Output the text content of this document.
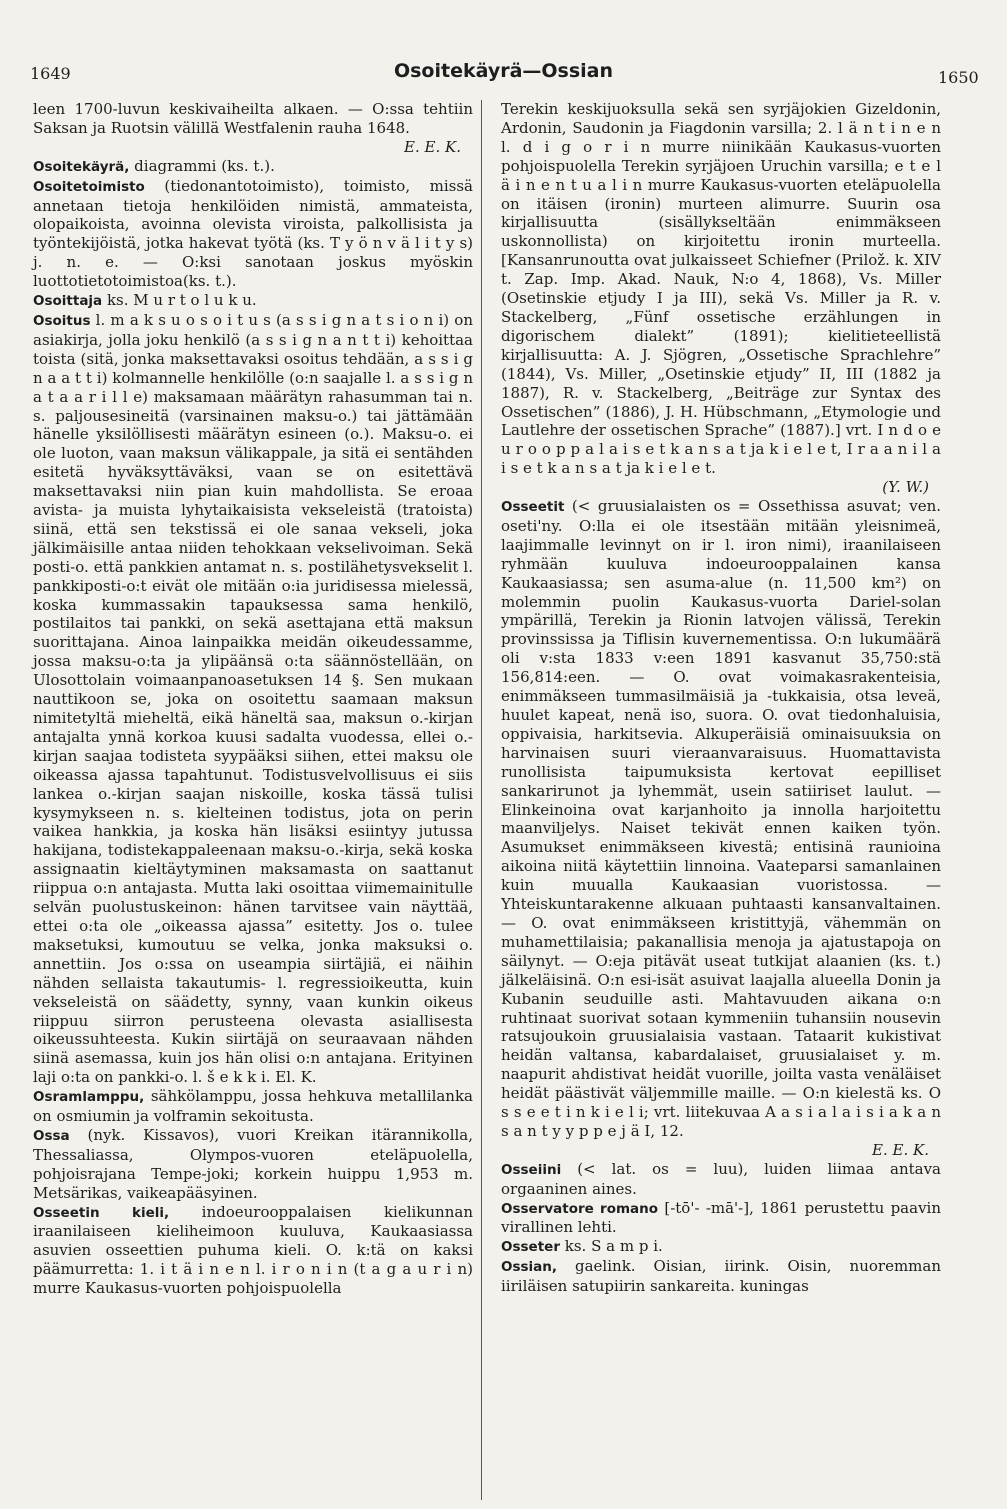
1649	Osoitekäyrä—Ossian	1650

leen 1700-luvun keskivaiheilta alkaen. — O:ssa tehtiin Saksan ja Ruotsin välillä Westfalenin rauha 1648.

E. E. K.

Osoitekäyrä, diagrammi (ks. t.).

Osoitetoimisto (tiedonantotoimisto), toimisto, missä annetaan tietoja henkilöiden nimistä, ammateista, olopaikoista, avoinna olevista viroista, palkollisista ja työntekijöistä, jotka hakevat työtä (ks. T y ö n v ä l i t y s) j. n. e. — O:ksi sanotaan joskus myöskin luottotietotoimistoa(ks. t.).

Osoittaja ks. M u r t o l u k u.

Osoitus l. m a k s u o s o i t u s (a s s i g n a t s i o n i) on asiakirja, jolla joku henkilö (a s s i g n a n t t i) kehoittaa toista (sitä, jonka maksettavaksi osoitus tehdään, a s s i g n a a t t i) kolmannelle henkilölle (o:n saajalle l. a s s i g n a t a a r i l l e) maksamaan määrätyn rahasumman tai n. s. paljousesineitä (varsinainen maksu-o.) tai jättämään hänelle yksilöllisesti määrätyn esineen (o.). Maksu-o. ei ole luoton, vaan maksun välikappale, ja sitä ei sentähden esitetä hyväksyttäväksi, vaan se on esitettävä maksettavaksi niin pian kuin mahdollista. Se eroaa avista- ja muista lyhytaikaisista vekseleistä (tratoista) siinä, että sen tekstissä ei ole sanaa vekseli, joka jälkimäisille antaa niiden tehokkaan vekselivoiman. Sekä posti-o. että pankkien antamat n. s. postilähetysvekselit l. pankkiposti-o:t eivät ole mitään o:ia juridisessa mielessä, koska kummassakin tapauksessa sama henkilö, postilaitos tai pankki, on sekä asettajana että maksun suorittajana. Ainoa lainpaikka meidän oikeudessamme, jossa maksu-o:ta ja ylipäänsä o:ta säännöstellään, on Ulosottolain voimaanpanoasetuksen 14 §. Sen mukaan nauttikoon se, joka on osoitettu saamaan maksun nimitetyltä mieheltä, eikä häneltä saa, maksun o.-kirjan antajalta ynnä korkoa kuusi sadalta vuodessa, ellei o.-kirjan saajaa todisteta syypääksi siihen, ettei maksu ole oikeassa ajassa tapahtunut. Todistusvelvollisuus ei siis lankea o.-kirjan saajan niskoille, koska tässä tulisi kysymykseen n. s. kielteinen todistus, jota on perin vaikea hankkia, ja koska hän lisäksi esiintyy jutussa hakijana, todistekappaleenaan maksu-o.-kirja, sekä koska assignaatin kieltäytyminen maksamasta on saattanut riippua o:n antajasta. Mutta laki osoittaa viimemainitulle selvän puolustuskeinon: hänen tarvitsee vain näyttää, ettei o:ta ole „oikeassa ajassa” esitetty. Jos o. tulee maksetuksi, kumoutuu se velka, jonka maksuksi o. annettiin. Jos o:ssa on useampia siirtäjiä, ei näihin nähden sellaista takautumis- l. regressioikeutta, kuin vekseleistä on säädetty, synny, vaan kunkin oikeus riippuu siirron perusteena olevasta asiallisesta oikeussuhteesta. Kukin siirtäjä on seuraavaan nähden siinä asemassa, kuin jos hän olisi o:n antajana. Erityinen laji o:ta on pankki-o. l. š e k k i. El. K.

Osramlamppu, sähkölamppu, jossa hehkuva metallilanka on osmiumin ja volframin sekoitusta.

Ossa (nyk. Kissavos), vuori Kreikan itärannikolla, Thessaliassa, Olympos-vuoren eteläpuolella, pohjoisrajana Tempe-joki; korkein huippu 1,953 m. Metsärikas, vaikeapääsyinen.

Osseetin kieli, indoeurooppalaisen kielikunnan iraanilaiseen kieliheimoon kuuluva, Kaukaasiassa asuvien osseettien puhuma kieli. O. k:tä on kaksi päämurretta: 1. i t ä i n e n l. i r o n i n (t a g a u r i n) murre Kaukasus-vuorten pohjoispuolella

Terekin keskijuoksulla sekä sen syrjäjokien Gizeldonin, Ardonin, Saudonin ja Fiagdonin varsilla; 2. l ä n t i n e n l. d i g o r i n murre niinikään Kaukasus-vuorten pohjoispuolella Terekin syrjäjoen Uruchin varsilla; e t e l ä i n e n t u a l i n murre Kaukasus-vuorten eteläpuolella on itäisen (ironin) murteen alimurre. Suurin osa kirjallisuutta (sisällykseltään enimmäkseen uskonnollista) on kirjoitettu ironin murteella. [Kansanrunoutta ovat julkaisseet Schiefner (Prilož. k. XIV t. Zap. Imp. Akad. Nauk, N:o 4, 1868), Vs. Miller (Osetinskie etjudy I ja III), sekä Vs. Miller ja R. v. Stackelberg, „Fünf ossetische erzählungen in digorischem dialekt” (1891); kielitieteellistä kirjallisuutta: A. J. Sjögren, „Ossetische Sprachlehre” (1844), Vs. Miller, „Osetinskie etjudy” II, III (1882 ja 1887), R. v. Stackelberg, „Beiträge zur Syntax des Ossetischen” (1886), J. H. Hübschmann, „Etymologie und Lautlehre der ossetischen Sprache” (1887).] vrt. I n d o e u r o o p p a l a i s e t k a n s a t ja k i e l e t, I r a a n i l a i s e t k a n s a t ja k i e l e t.

(Y. W.)

Osseetit (< gruusialaisten os = Ossethissa asuvat; ven. oseti'ny. O:lla ei ole itsestään mitään yleisnimeä, laajimmalle levinnyt on ir l. iron nimi), iraanilaiseen ryhmään kuuluva indoeurooppalainen kansa Kaukaasiassa; sen asuma-alue (n. 11,500 km²) on molemmin puolin Kaukasus-vuorta Dariel-solan ympärillä, Terekin ja Rionin latvojen välissä, Terekin provinssissa ja Tiflisin kuvernementissa. O:n lukumäärä oli v:sta 1833 v:een 1891 kasvanut 35,750:stä 156,814:een. — O. ovat voimakasrakenteisia, enimmäkseen tummasilmäisiä ja -tukkaisia, otsa leveä, huulet kapeat, nenä iso, suora. O. ovat tiedonhaluisia, oppivaisia, harkitsevia. Alkuperäisiä ominaisuuksia on harvinaisen suuri vieraanvaraisuus. Huomattavista runollisista taipumuksista kertovat eepilliset sankarirunot ja lyhemmät, usein satiiriset laulut. — Elinkeinoina ovat karjanhoito ja innolla harjoitettu maanviljelys. Naiset tekivät ennen kaiken työn. Asumukset enimmäkseen kivestä; entisinä raunioina aikoina niitä käytettiin linnoina. Vaateparsi samanlainen kuin muualla Kaukaasian vuoristossa. — Yhteiskuntarakenne alkuaan puhtaasti kansanvaltainen. — O. ovat enimmäkseen kristittyjä, vähemmän on muhamettilaisia; pakanallisia menoja ja ajatustapoja on säilynyt. — O:eja pitävät useat tutkijat alaanien (ks. t.) jälkeläisinä. O:n esi-isät asuivat laajalla alueella Donin ja Kubanin seuduille asti. Mahtavuuden aikana o:n ruhtinaat suorivat sotaan kymmeniin tuhansiin nousevin ratsujoukoin gruusialaisia vastaan. Tataarit kukistivat heidän valtansa, kabardalaiset, gruusialaiset y. m. naapurit ahdistivat heidät vuorille, joilta vasta venäläiset heidät päästivät väljemmille maille. — O:n kielestä ks. O s s e e t i n k i e l i; vrt. liitekuvaa A a s i a l a i s i a k a n s a n t y y p p e j ä I, 12.

E. E. K.

Osseiini (< lat. os = luu), luiden liimaa antava orgaaninen aines.

Osservatore romano [-tō'- -mā'-], 1861 perustettu paavin virallinen lehti.

Osseter ks. S a m p i.

Ossian, gaelink. Oisian, iirink. Oisin, nuoremman iiriläisen satupiirin sankareita. kuningas
